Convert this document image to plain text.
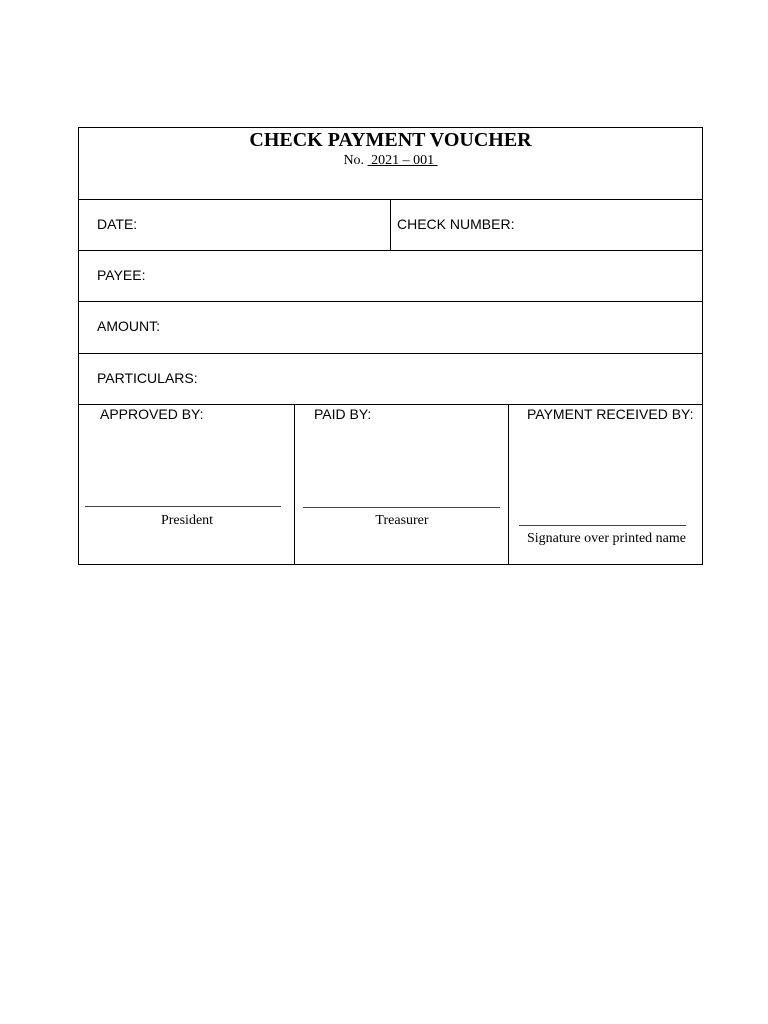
CHECK PAYMENT VOUCHER
No.  2021 – 001
DATE:	CHECK NUMBER:
PAYEE:
AMOUNT:
PARTICULARS:
APPROVED BY:
President
PAID BY:
Treasurer
PAYMENT RECEIVED BY:
Signature over printed name
